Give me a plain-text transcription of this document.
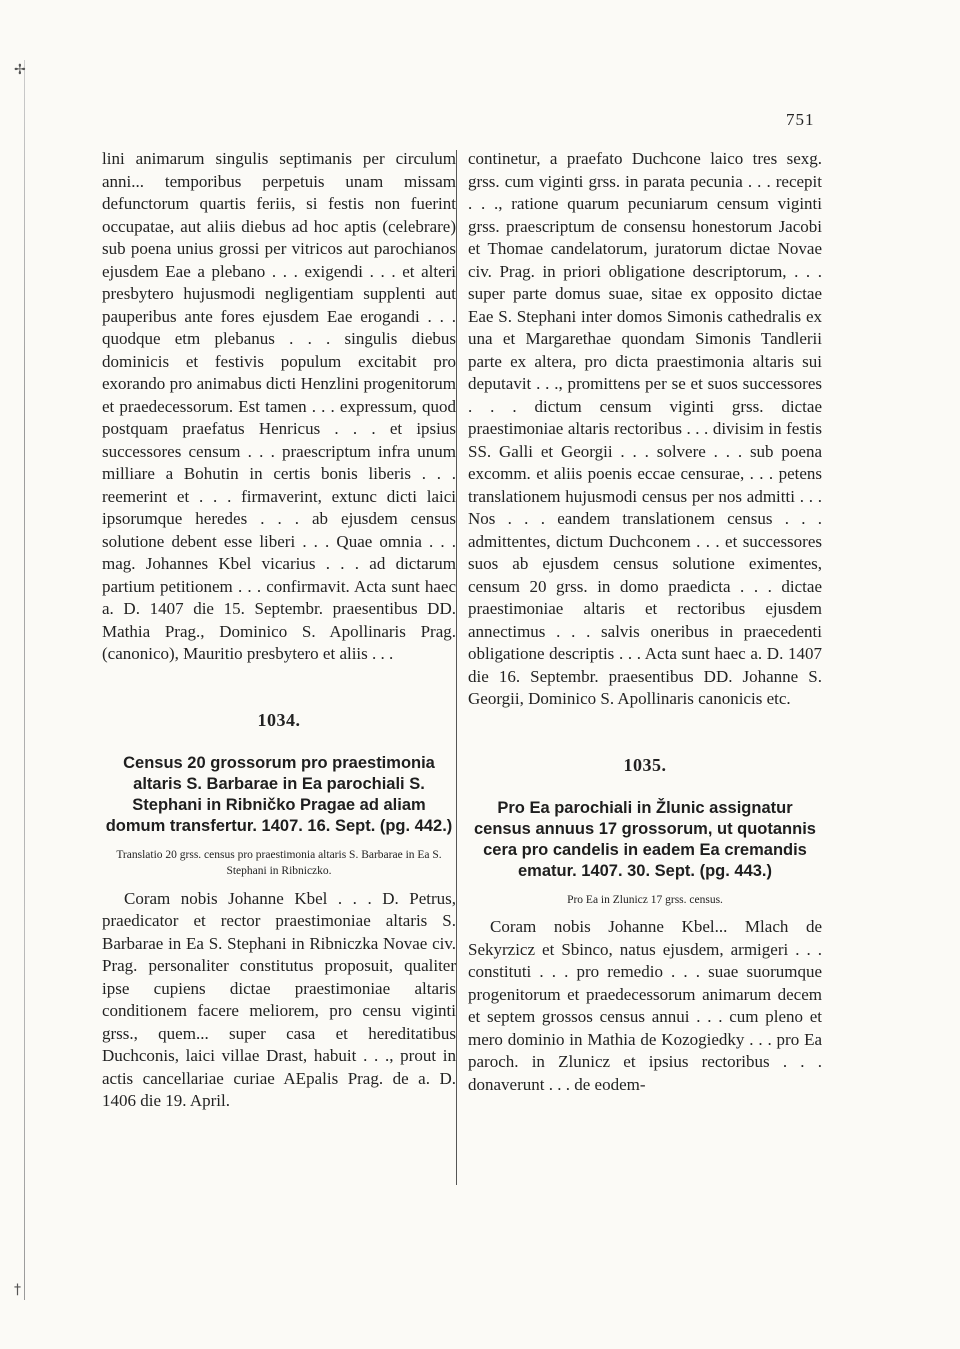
✢
†
751

lini animarum singulis septimanis per circulum anni... temporibus perpetuis unam missam defunctorum quartis feriis, si festis non fuerint occupatae, aut aliis diebus ad hoc aptis (celebrare) sub poena unius grossi per vitricos aut parochianos ejusdem Eae a plebano . . . exigendi . . . et alteri presbytero hujusmodi negligentiam supplenti aut pauperibus ante fores ejusdem Eae erogandi . . . quodque etm plebanus . . . singulis diebus dominicis et festivis populum excitabit pro exorando pro animabus dicti Henzlini progenitorum et praedecessorum. Est tamen . . . expressum, quod postquam praefatus Henricus . . . et ipsius successores censum . . . praescriptum infra unum milliare a Bohutin in certis bonis liberis . . . reemerint et . . . firmaverint, extunc dicti laici ipsorumque heredes . . . ab ejusdem census solutione debent esse liberi . . . Quae omnia . . . mag. Johannes Kbel vicarius . . . ad dictarum partium petitionem . . . confirmavit. Acta sunt haec a. D. 1407 die 15. Septembr. praesentibus DD. Mathia Prag., Dominico S. Apollinaris Prag. (canonico), Mauritio presbytero et aliis . . .

1034.

Census 20 grossorum pro praestimonia altaris S. Barbarae in Ea parochiali S. Stephani in Ribničko Pragae ad aliam domum transfertur. 1407. 16. Sept. (pg. 442.)

Translatio 20 grss. census pro praestimonia altaris S. Barbarae in Ea S. Stephani in Ribniczko.

Coram nobis Johanne Kbel . . . D. Petrus, praedicator et rector praestimoniae altaris S. Barbarae in Ea S. Stephani in Ribniczka Novae civ. Prag. personaliter constitutus proposuit, qualiter ipse cupiens dictae praestimoniae altaris conditionem facere meliorem, pro censu viginti grss., quem... super casa et hereditatibus Duchconis, laici villae Drast, habuit . . ., prout in actis cancellariae curiae AEpalis Prag. de a. D. 1406 die 19. April.

continetur, a praefato Duchcone laico tres sexg. grss. cum viginti grss. in parata pecunia . . . recepit . . ., ratione quarum pecuniarum censum viginti grss. praescriptum de consensu honestorum Jacobi et Thomae candelatorum, juratorum dictae Novae civ. Prag. in priori obligatione descriptorum, . . . super parte domus suae, sitae ex opposito dictae Eae S. Stephani inter domos Simonis cathedralis ex una et Margarethae quondam Simonis Tandlerii parte ex altera, pro dicta praestimonia altaris sui deputavit . . ., promittens per se et suos successores . . . dictum censum viginti grss. dictae praestimoniae altaris rectoribus . . . divisim in festis SS. Galli et Georgii . . . solvere . . . sub poena excomm. et aliis poenis eccae censurae, . . . petens translationem hujusmodi census per nos admitti . . . Nos . . . eandem translationem census . . . admittentes, dictum Duchconem . . . et successores suos ab ejusdem census solutione eximentes, censum 20 grss. in domo praedicta . . . dictae praestimoniae altaris et rectoribus ejusdem annectimus . . . salvis oneribus in praecedenti obligatione descriptis . . . Acta sunt haec a. D. 1407 die 16. Septembr. praesentibus DD. Johanne S. Georgii, Dominico S. Apollinaris canonicis etc.

1035.

Pro Ea parochiali in Žlunic assignatur census annuus 17 grossorum, ut quotannis cera pro candelis in eadem Ea cremandis ematur. 1407. 30. Sept. (pg. 443.)

Pro Ea in Zlunicz 17 grss. census.

Coram nobis Johanne Kbel... Mlach de Sekyrzicz et Sbinco, natus ejusdem, armigeri . . . constituti . . . pro remedio . . . suae suorumque progenitorum et praedecessorum animarum decem et septem grossos census annui . . . cum pleno et mero dominio in Mathia de Kozogiedky . . . pro Ea paroch. in Zlunicz et ipsius rectoribus . . . donaverunt . . . de eodem-
